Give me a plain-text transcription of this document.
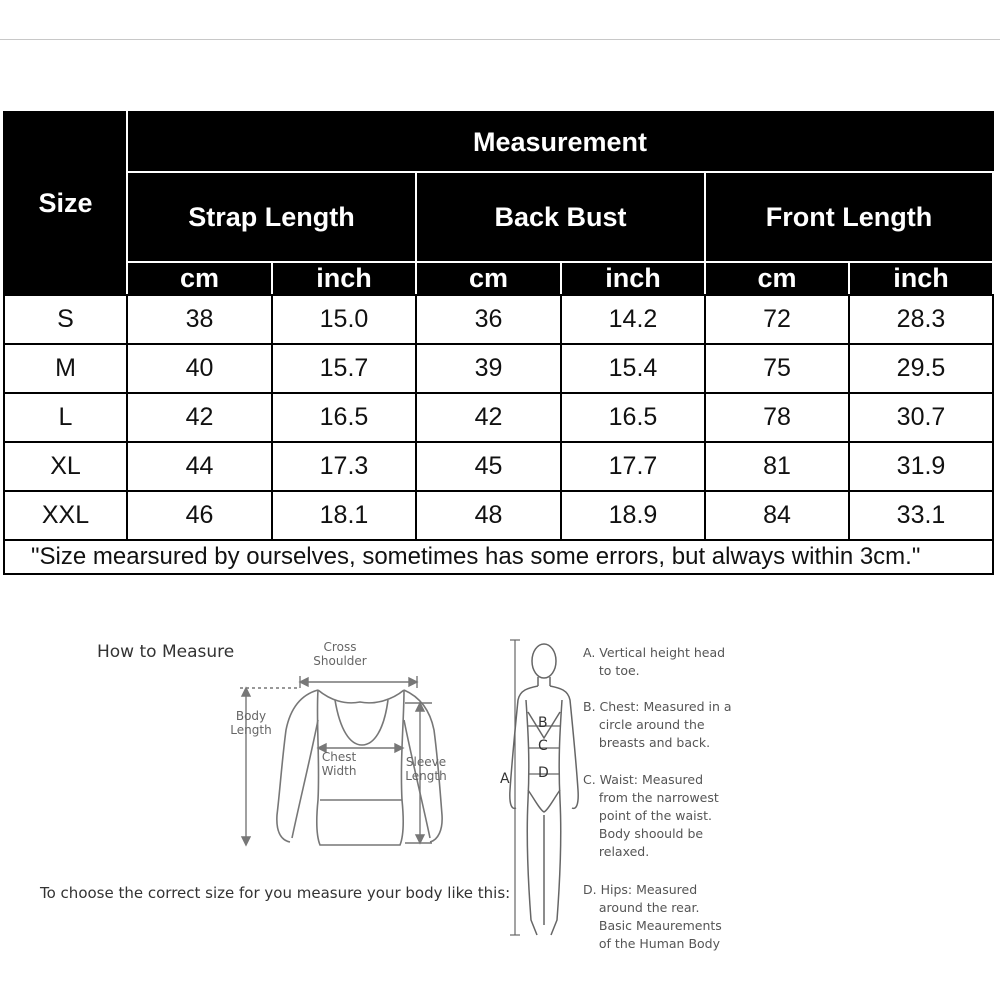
Size	Measurement					
	Strap Length		Back Bust		Front Length	
	cm	inch	cm	inch	cm	inch
S	38	15.0	36	14.2	72	28.3
M	40	15.7	39	15.4	75	29.5
L	42	16.5	42	16.5	78	30.7
XL	44	17.3	45	17.7	81	31.9
XXL	46	18.1	48	18.9	84	33.1
"Size mearsured by ourselves, sometimes has some errors, but always within 3cm."						
A
B
C
D
How to Measure	Cross
Shoulder
Body
Length
Chest
Width
Sleeve
Length
To choose the correct size for you measure your body like this:
A. Vertical height head
to toe.
B. Chest: Measured in a
circle around the
breasts and back.
C. Waist: Measured
from the narrowest
point of the waist.
Body shoould be
relaxed.
D. Hips: Measured
around the rear.
Basic Meaurements
of the Human Body
